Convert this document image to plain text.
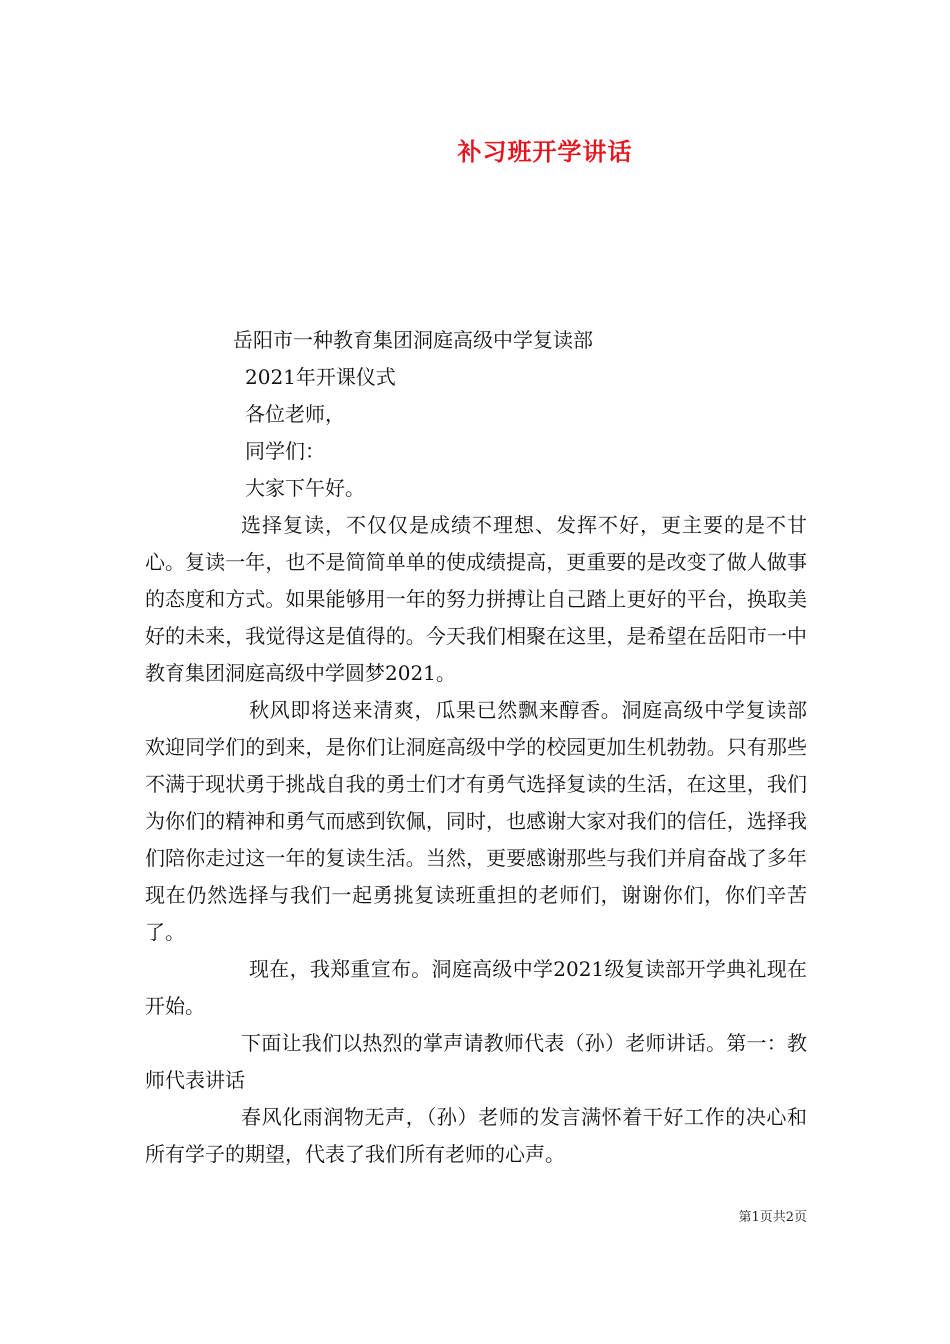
补习班开学讲话

岳阳市一种教育集团洞庭高级中学复读部

2021年开课仪式

各位老师，

同学们：

大家下午好。

选择复读，不仅仅是成绩不理想、发挥不好，更主要的是不甘心。复读一年，也不是简简单单的使成绩提高，更重要的是改变了做人做事的态度和方式。如果能够用一年的努力拼搏让自己踏上更好的平台，换取美好的未来，我觉得这是值得的。今天我们相聚在这里，是希望在岳阳市一中教育集团洞庭高级中学圆梦2021。

秋风即将送来清爽，瓜果已然飘来醇香。洞庭高级中学复读部欢迎同学们的到来，是你们让洞庭高级中学的校园更加生机勃勃。只有那些不满于现状勇于挑战自我的勇士们才有勇气选择复读的生活，在这里，我们为你们的精神和勇气而感到钦佩，同时，也感谢大家对我们的信任，选择我们陪你走过这一年的复读生活。当然，更要感谢那些与我们并肩奋战了多年现在仍然选择与我们一起勇挑复读班重担的老师们，谢谢你们，你们辛苦了。

现在，我郑重宣布。洞庭高级中学2021级复读部开学典礼现在开始。

下面让我们以热烈的掌声请教师代表（孙）老师讲话。第一：教师代表讲话

春风化雨润物无声，（孙）老师的发言满怀着干好工作的决心和所有学子的期望，代表了我们所有老师的心声。

第1页共2页
